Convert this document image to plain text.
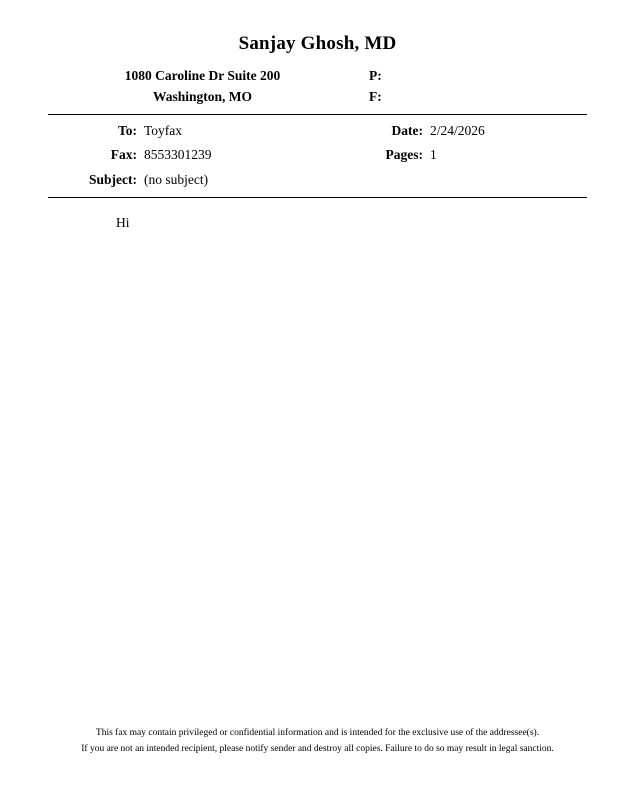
Sanjay Ghosh, MD
1080 Caroline Dr Suite 200	P:
Washington, MO	F:
To: Toyfax	Date: 2/24/2026
Fax: 8553301239	Pages: 1
Subject: (no subject)
Hi
This fax may contain privileged or confidential information and is intended for the exclusive use of the addressee(s).
If you are not an intended recipient, please notify sender and destroy all copies. Failure to do so may result in legal sanction.
